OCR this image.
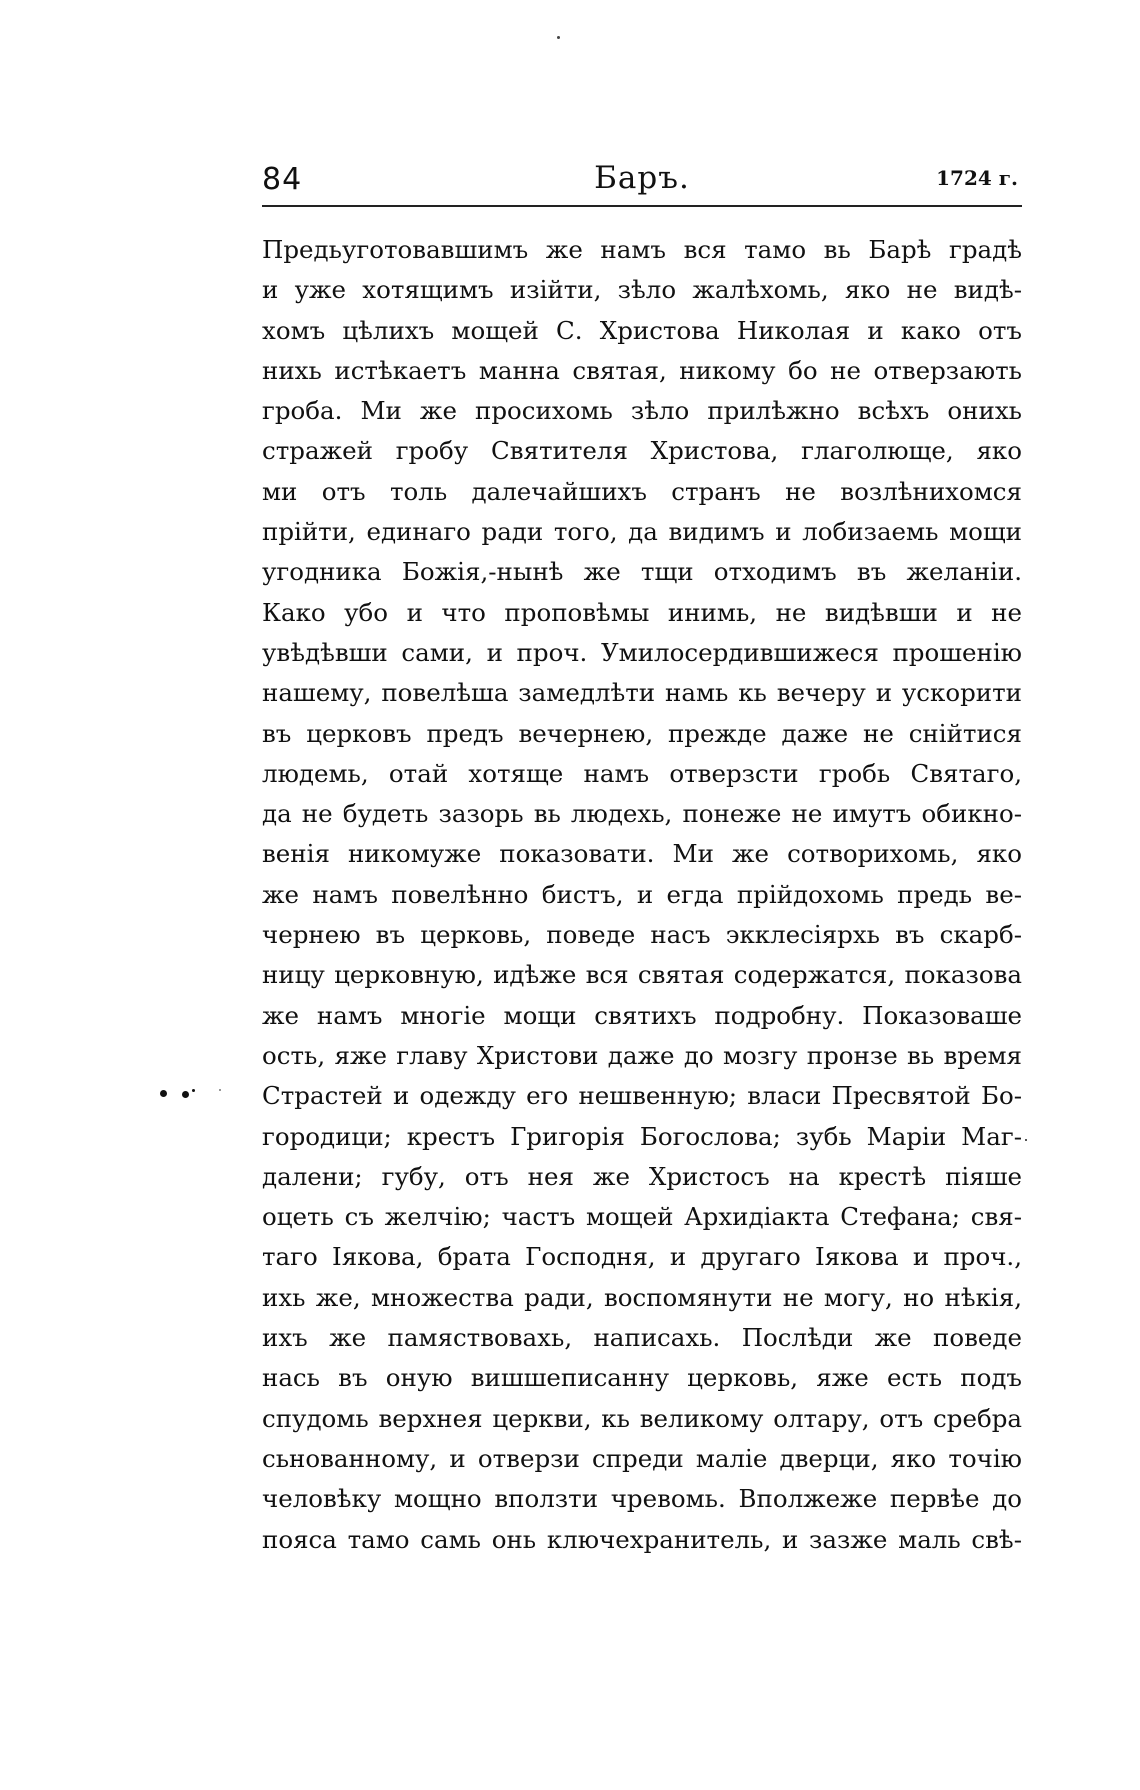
84	Баръ.	1724 г.
Предьуготовавшимъ же намъ вся тамо вь Барѣ градѣ
и уже хотящимъ изійти, зѣло жалѣхомь, яко не видѣ-
хомъ цѣлихъ мощей С. Христова Николая и како отъ
нихь истѣкаетъ манна святая, никому бо не отверзають
гроба. Ми же просихомь зѣло прилѣжно всѣхъ онихь
стражей гробу Святителя Христова, глаголюще, яко
ми отъ толь далечайшихъ странъ не возлѣнихомся
прійти, единаго ради того, да видимъ и лобизаемь мощи
угодника Божія,-нынѣ же тщи отходимъ въ желаніи.
Како убо и что проповѣмы инимь, не видѣвши и не
увѣдѣвши сами, и проч. Умилосердившижеся прошенію
нашему, повелѣша замедлѣти намь кь вечеру и ускорити
въ церковъ предъ вечернею, прежде даже не снійтися
людемь, отай хотяще намъ отверзсти гробь Святаго,
да не будеть зазорь вь людехь, понеже не имутъ обикно-
венія никомуже показовати. Ми же сотворихомь, яко
же намъ повелѣнно бистъ, и егда прійдохомь предь ве-
чернею въ церковь, поведе насъ экклесіярхь въ скарб-
ницу церковную, идѣже вся святая содержатся, показова
же намъ многіе мощи святихъ подробну. Показоваше
ость, яже главу Христови даже до мозгу пронзе вь время
Страстей и одежду его нешвенную; власи Пресвятой Бо-
городици; крестъ Григорія Богослова; зубь Маріи Маг-
далени; губу, отъ нея же Христосъ на крестѣ піяше
оцеть съ желчію; частъ мощей Архидіакта Стефана; свя-
таго Іякова, брата Господня, и другаго Іякова и проч.,
ихь же, множества ради, воспомянути не могу, но нѣкія,
ихъ же памяствовахь, написахь. Послѣди же поведе
нась въ оную вишшеписанну церковь, яже есть подъ
спудомь верхнея церкви, кь великому олтару, отъ сребра
сьнованному, и отверзи спреди маліе дверци, яко точію
человѣку мощно вползти чревомь. Вполжеже первѣе до
пояса тамо самь онь ключехранитель, и зазже маль свѣ-
